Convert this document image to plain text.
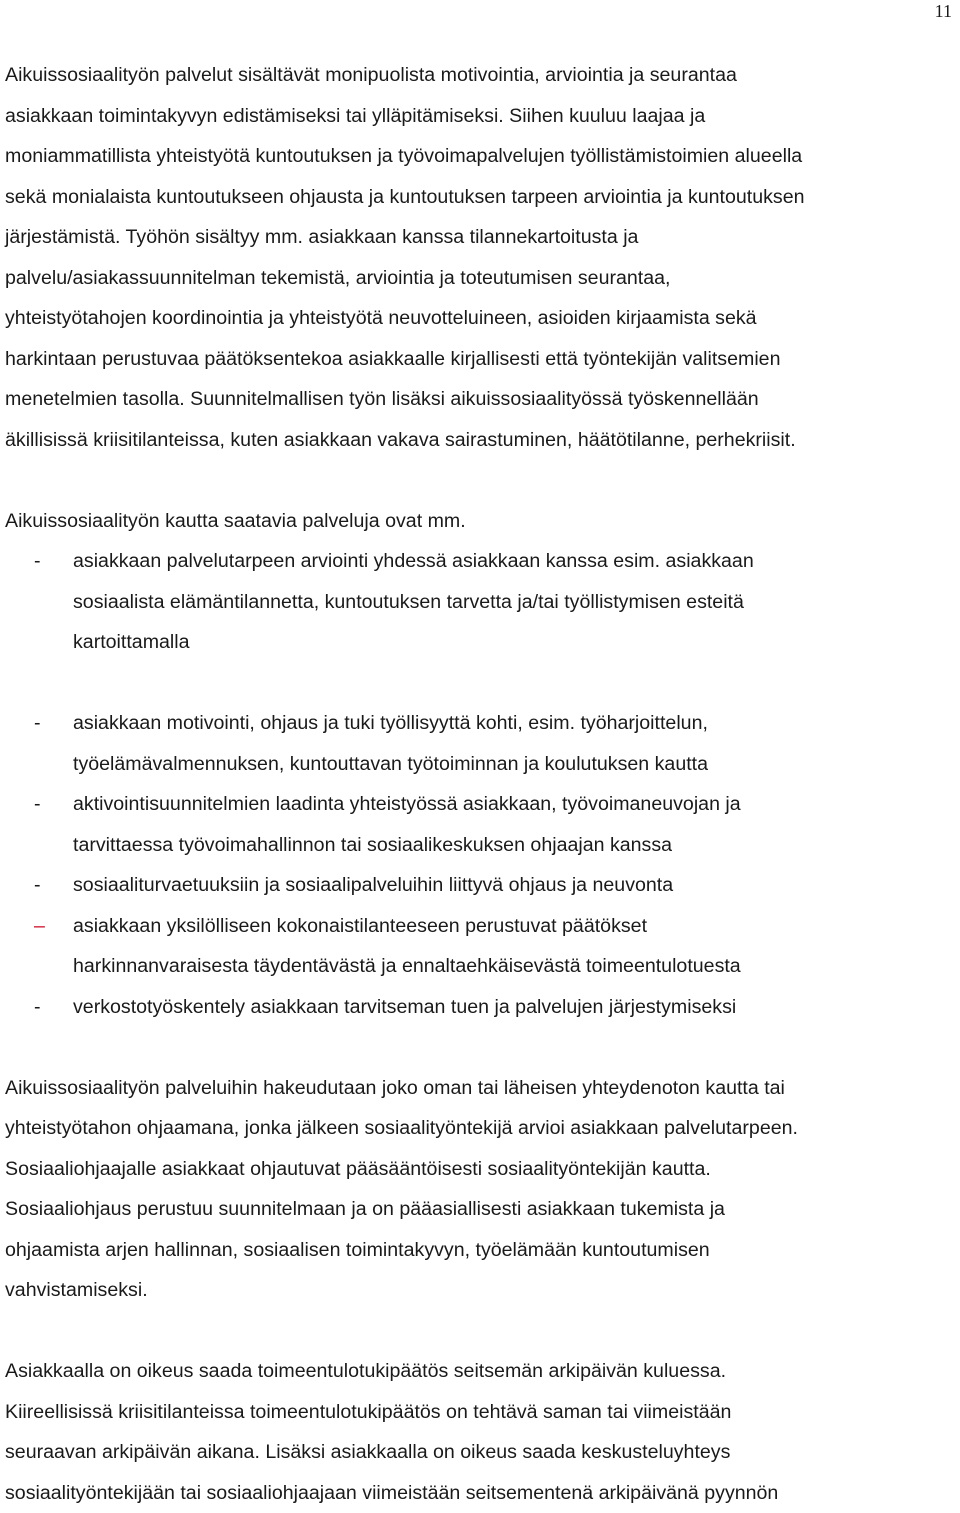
11

Aikuissosiaalityön palvelut sisältävät monipuolista motivointia, arviointia ja seurantaa
asiakkaan toimintakyvyn edistämiseksi tai ylläpitämiseksi. Siihen kuuluu laajaa ja
moniammatillista yhteistyötä kuntoutuksen ja työvoimapalvelujen työllistämistoimien alueella
sekä monialaista kuntoutukseen ohjausta ja kuntoutuksen tarpeen arviointia ja kuntoutuksen
järjestämistä. Työhön sisältyy mm. asiakkaan kanssa tilannekartoitusta ja
palvelu/asiakassuunnitelman tekemistä, arviointia ja toteutumisen seurantaa,
yhteistyötahojen koordinointia ja yhteistyötä neuvotteluineen, asioiden kirjaamista sekä
harkintaan perustuvaa päätöksentekoa asiakkaalle kirjallisesti että työntekijän valitsemien
menetelmien tasolla. Suunnitelmallisen työn lisäksi aikuissosiaalityössä työskennellään
äkillisissä kriisitilanteissa, kuten asiakkaan vakava sairastuminen, häätötilanne, perhekriisit.

Aikuissosiaalityön kautta saatavia palveluja ovat mm.

- asiakkaan palvelutarpeen arviointi yhdessä asiakkaan kanssa esim. asiakkaan
sosiaalista elämäntilannetta, kuntoutuksen tarvetta ja/tai työllistymisen esteitä
kartoittamalla
- asiakkaan motivointi, ohjaus ja tuki työllisyyttä kohti, esim. työharjoittelun,
työelämävalmennuksen, kuntouttavan työtoiminnan ja koulutuksen kautta
- aktivointisuunnitelmien laadinta yhteistyössä asiakkaan, työvoimaneuvojan ja
tarvittaessa työvoimahallinnon tai sosiaalikeskuksen ohjaajan kanssa
- sosiaaliturvaetuuksiin ja sosiaalipalveluihin liittyvä ohjaus ja neuvonta
– asiakkaan yksilölliseen kokonaistilanteeseen perustuvat päätökset
harkinnanvaraisesta täydentävästä ja ennaltaehkäisevästä toimeentulotuesta
- verkostotyöskentely asiakkaan tarvitseman tuen ja palvelujen järjestymiseksi

Aikuissosiaalityön palveluihin hakeudutaan joko oman tai läheisen yhteydenoton kautta tai
yhteistyötahon ohjaamana, jonka jälkeen sosiaalityöntekijä arvioi asiakkaan palvelutarpeen.
Sosiaaliohjaajalle asiakkaat ohjautuvat pääsääntöisesti sosiaalityöntekijän kautta.
Sosiaaliohjaus perustuu suunnitelmaan ja on pääasiallisesti asiakkaan tukemista ja
ohjaamista arjen hallinnan, sosiaalisen toimintakyvyn, työelämään kuntoutumisen
vahvistamiseksi.

Asiakkaalla on oikeus saada toimeentulotukipäätös seitsemän arkipäivän kuluessa.
Kiireellisissä kriisitilanteissa toimeentulotukipäätös on tehtävä saman tai viimeistään
seuraavan arkipäivän aikana. Lisäksi asiakkaalla on oikeus saada keskusteluyhteys
sosiaalityöntekijään tai sosiaaliohjaajaan viimeistään seitsementenä arkipäivänä pyynnön
